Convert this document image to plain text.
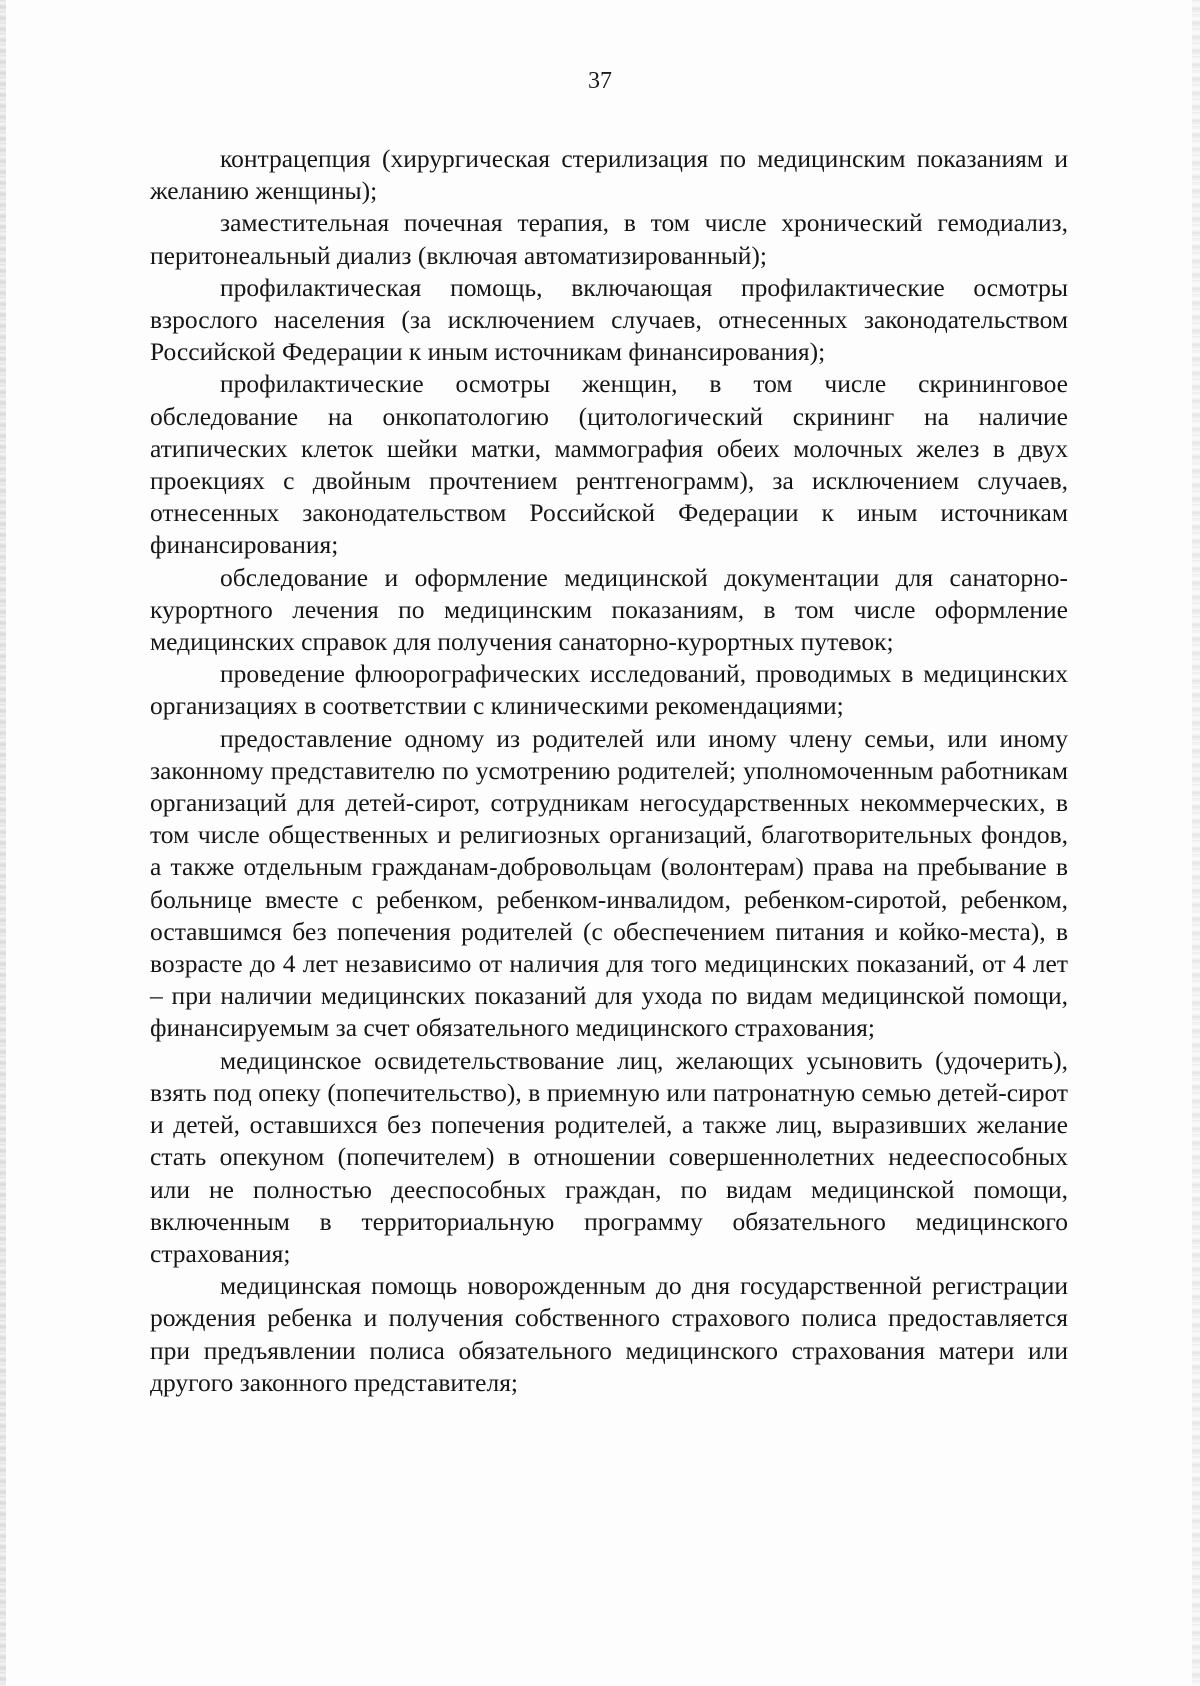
37

контрацепция (хирургическая стерилизация по медицинским показаниям и желанию женщины);

заместительная почечная терапия, в том числе хронический гемодиализ, перитонеальный диализ (включая автоматизированный);

профилактическая помощь, включающая профилактические осмотры взрослого населения (за исключением случаев, отнесенных законодательством Российской Федерации к иным источникам финансирования);

профилактические осмотры женщин, в том числе скрининговое обследование на онкопатологию (цитологический скрининг на наличие атипических клеток шейки матки, маммография обеих молочных желез в двух проекциях с двойным прочтением рентгенограмм), за исключением случаев, отнесенных законодательством Российской Федерации к иным источникам финансирования;

обследование и оформление медицинской документации для санаторно-курортного лечения по медицинским показаниям, в том числе оформление медицинских справок для получения санаторно-курортных путевок;

проведение флюорографических исследований, проводимых в медицинских организациях в соответствии с клиническими рекомендациями;

предоставление одному из родителей или иному члену семьи, или иному законному представителю по усмотрению родителей; уполномоченным работникам организаций для детей-сирот, сотрудникам негосударственных некоммерческих, в том числе общественных и религиозных организаций, благотворительных фондов, а также отдельным гражданам-добровольцам (волонтерам) права на пребывание в больнице вместе с ребенком, ребенком-инвалидом, ребенком-сиротой, ребенком, оставшимся без попечения родителей (с обеспечением питания и койко-места), в возрасте до 4 лет независимо от наличия для того медицинских показаний, от 4 лет – при наличии медицинских показаний для ухода по видам медицинской помощи, финансируемым за счет обязательного медицинского страхования;

медицинское освидетельствование лиц, желающих усыновить (удочерить), взять под опеку (попечительство), в приемную или патронатную семью детей-сирот и детей, оставшихся без попечения родителей, а также лиц, выразивших желание стать опекуном (попечителем) в отношении совершеннолетних недееспособных или не полностью дееспособных граждан, по видам медицинской помощи, включенным в территориальную программу обязательного медицинского страхования;

медицинская помощь новорожденным до дня государственной регистрации рождения ребенка и получения собственного страхового полиса предоставляется при предъявлении полиса обязательного медицинского страхования матери или другого законного представителя;
